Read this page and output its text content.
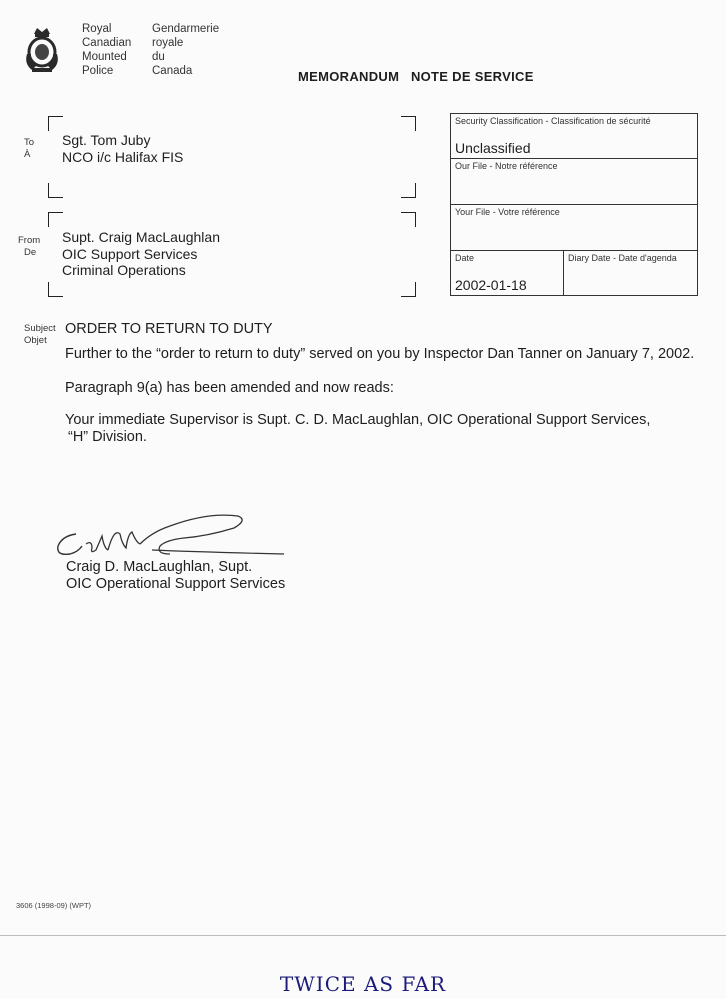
Royal
Canadian
Mounted
Police
Gendarmerie
royale
du
Canada	MEMORANDUM   NOTE DE SERVICE
To
À
Sgt. Tom Juby
NCO i/c Halifax FIS
From
De
Supt. Craig MacLaughlan
OIC Support Services
Criminal Operations
Security Classification - Classification de sécurité
Unclassified
Our File - Notre référence
Your File - Votre référence
Date
2002-01-18
Diary Date - Date d'agenda
Subject
Objet
ORDER TO RETURN TO DUTY
Further to the “order to return to duty” served on you by Inspector Dan Tanner on January 7, 2002.
Paragraph 9(a) has been amended and now reads:
Your immediate Supervisor is Supt. C. D. MacLaughlan, OIC Operational Support Services,
“H” Division.
Craig D. MacLaughlan, Supt.
OIC Operational Support Services
3606 (1998-09) (WPT)
TWICE AS FAR
